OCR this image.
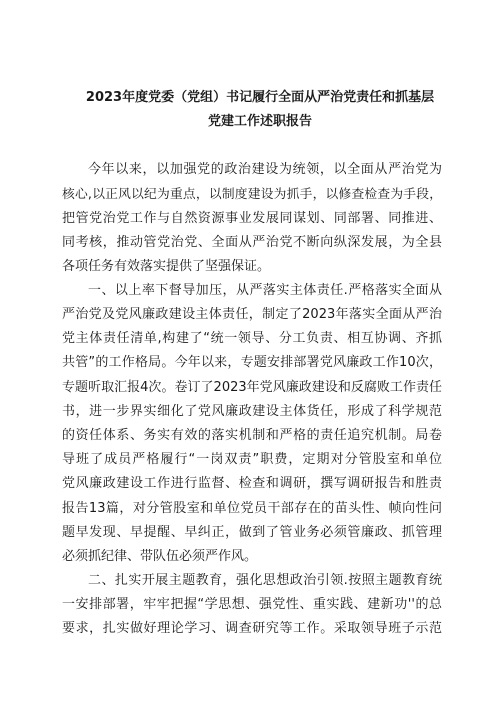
2023年度党委（党组）书记履行全面从严治党责任和抓基层
党建工作述职报告
今年以来，以加强党的政治建设为统领，以全面从严治党为
核心,以正风以纪为重点，以制度建设为抓手，以修查检查为手段，
把管党治党工作与自然资源事业发展同谋划、同部署、同推进、
同考核，推动管党治党、全面从严治党不断向纵深发展，为全县
各项任务有效落实提供了坚强保证。
一、以上率下督导加压，从严落实主体责任.严格落实全面从
严治党及党风廉政建设主体责任，制定了2023年落实全面从严治
党主体责任清单,构建了“统一领导、分工负责、相互协调、齐抓
共管”的工作格局。今年以来，专题安排部署党风廉政工作10次，
专题听取汇报4次。卷订了2023年党风廉政建设和反腐败工作责任
书，进一步界实细化了党风廉政建设主体货任，形成了科学规范
的资任体系、务实有效的落实机制和严格的责任追究机制。局卷
导班了成员严格履行“一岗双责”职费，定期对分管股室和单位
党风廉政建设工作进行监督、检查和调研，撰写调研报告和胜责
报告13篇，对分管股室和单位党员干部存在的苗头性、帧向性问
题早发现、早提醒、早纠正，做到了管业务必须管廉政、抓管理
必须抓纪律、带队伍必须严作风。
二、扎实开展主题教育，强化思想政治引领.按照主题教育统
一安排部署，牢牢把握“学思想、强党性、重实践、建新功''的总
要求，扎实做好理论学习、调查研究等工作。采取领导班子示范
